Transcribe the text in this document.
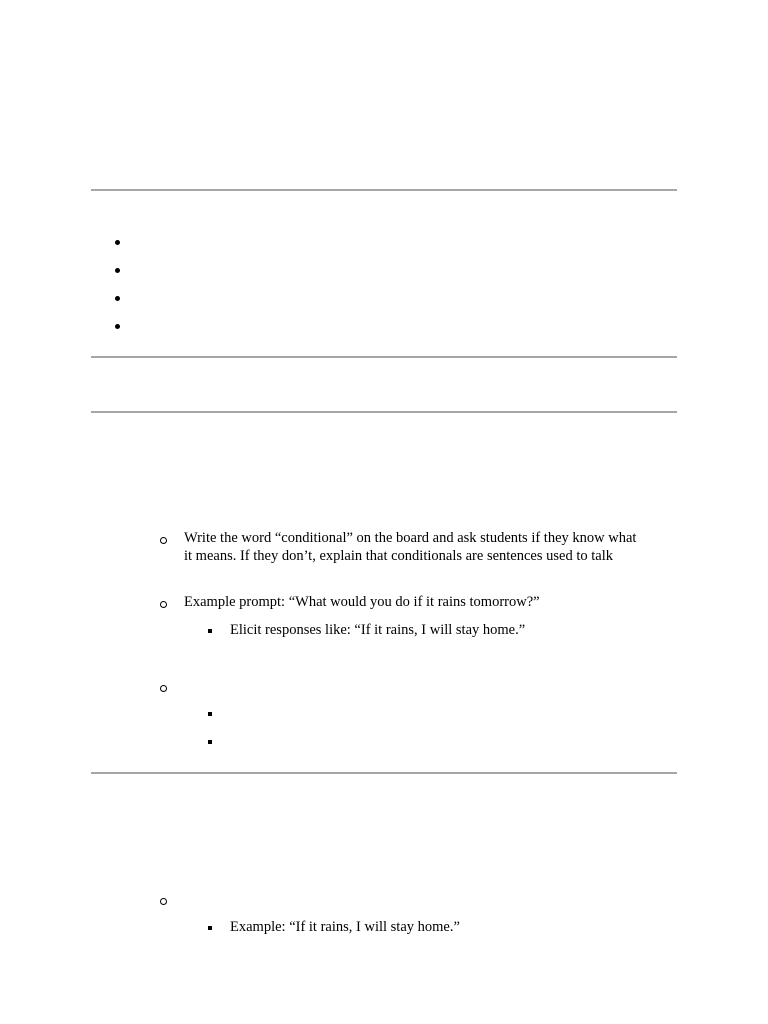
Write the word “conditional” on the board and ask students if they know what
it means. If they don’t, explain that conditionals are sentences used to talk
Example prompt: “What would you do if it rains tomorrow?”
Elicit responses like: “If it rains, I will stay home.”
Example: “If it rains, I will stay home.”
